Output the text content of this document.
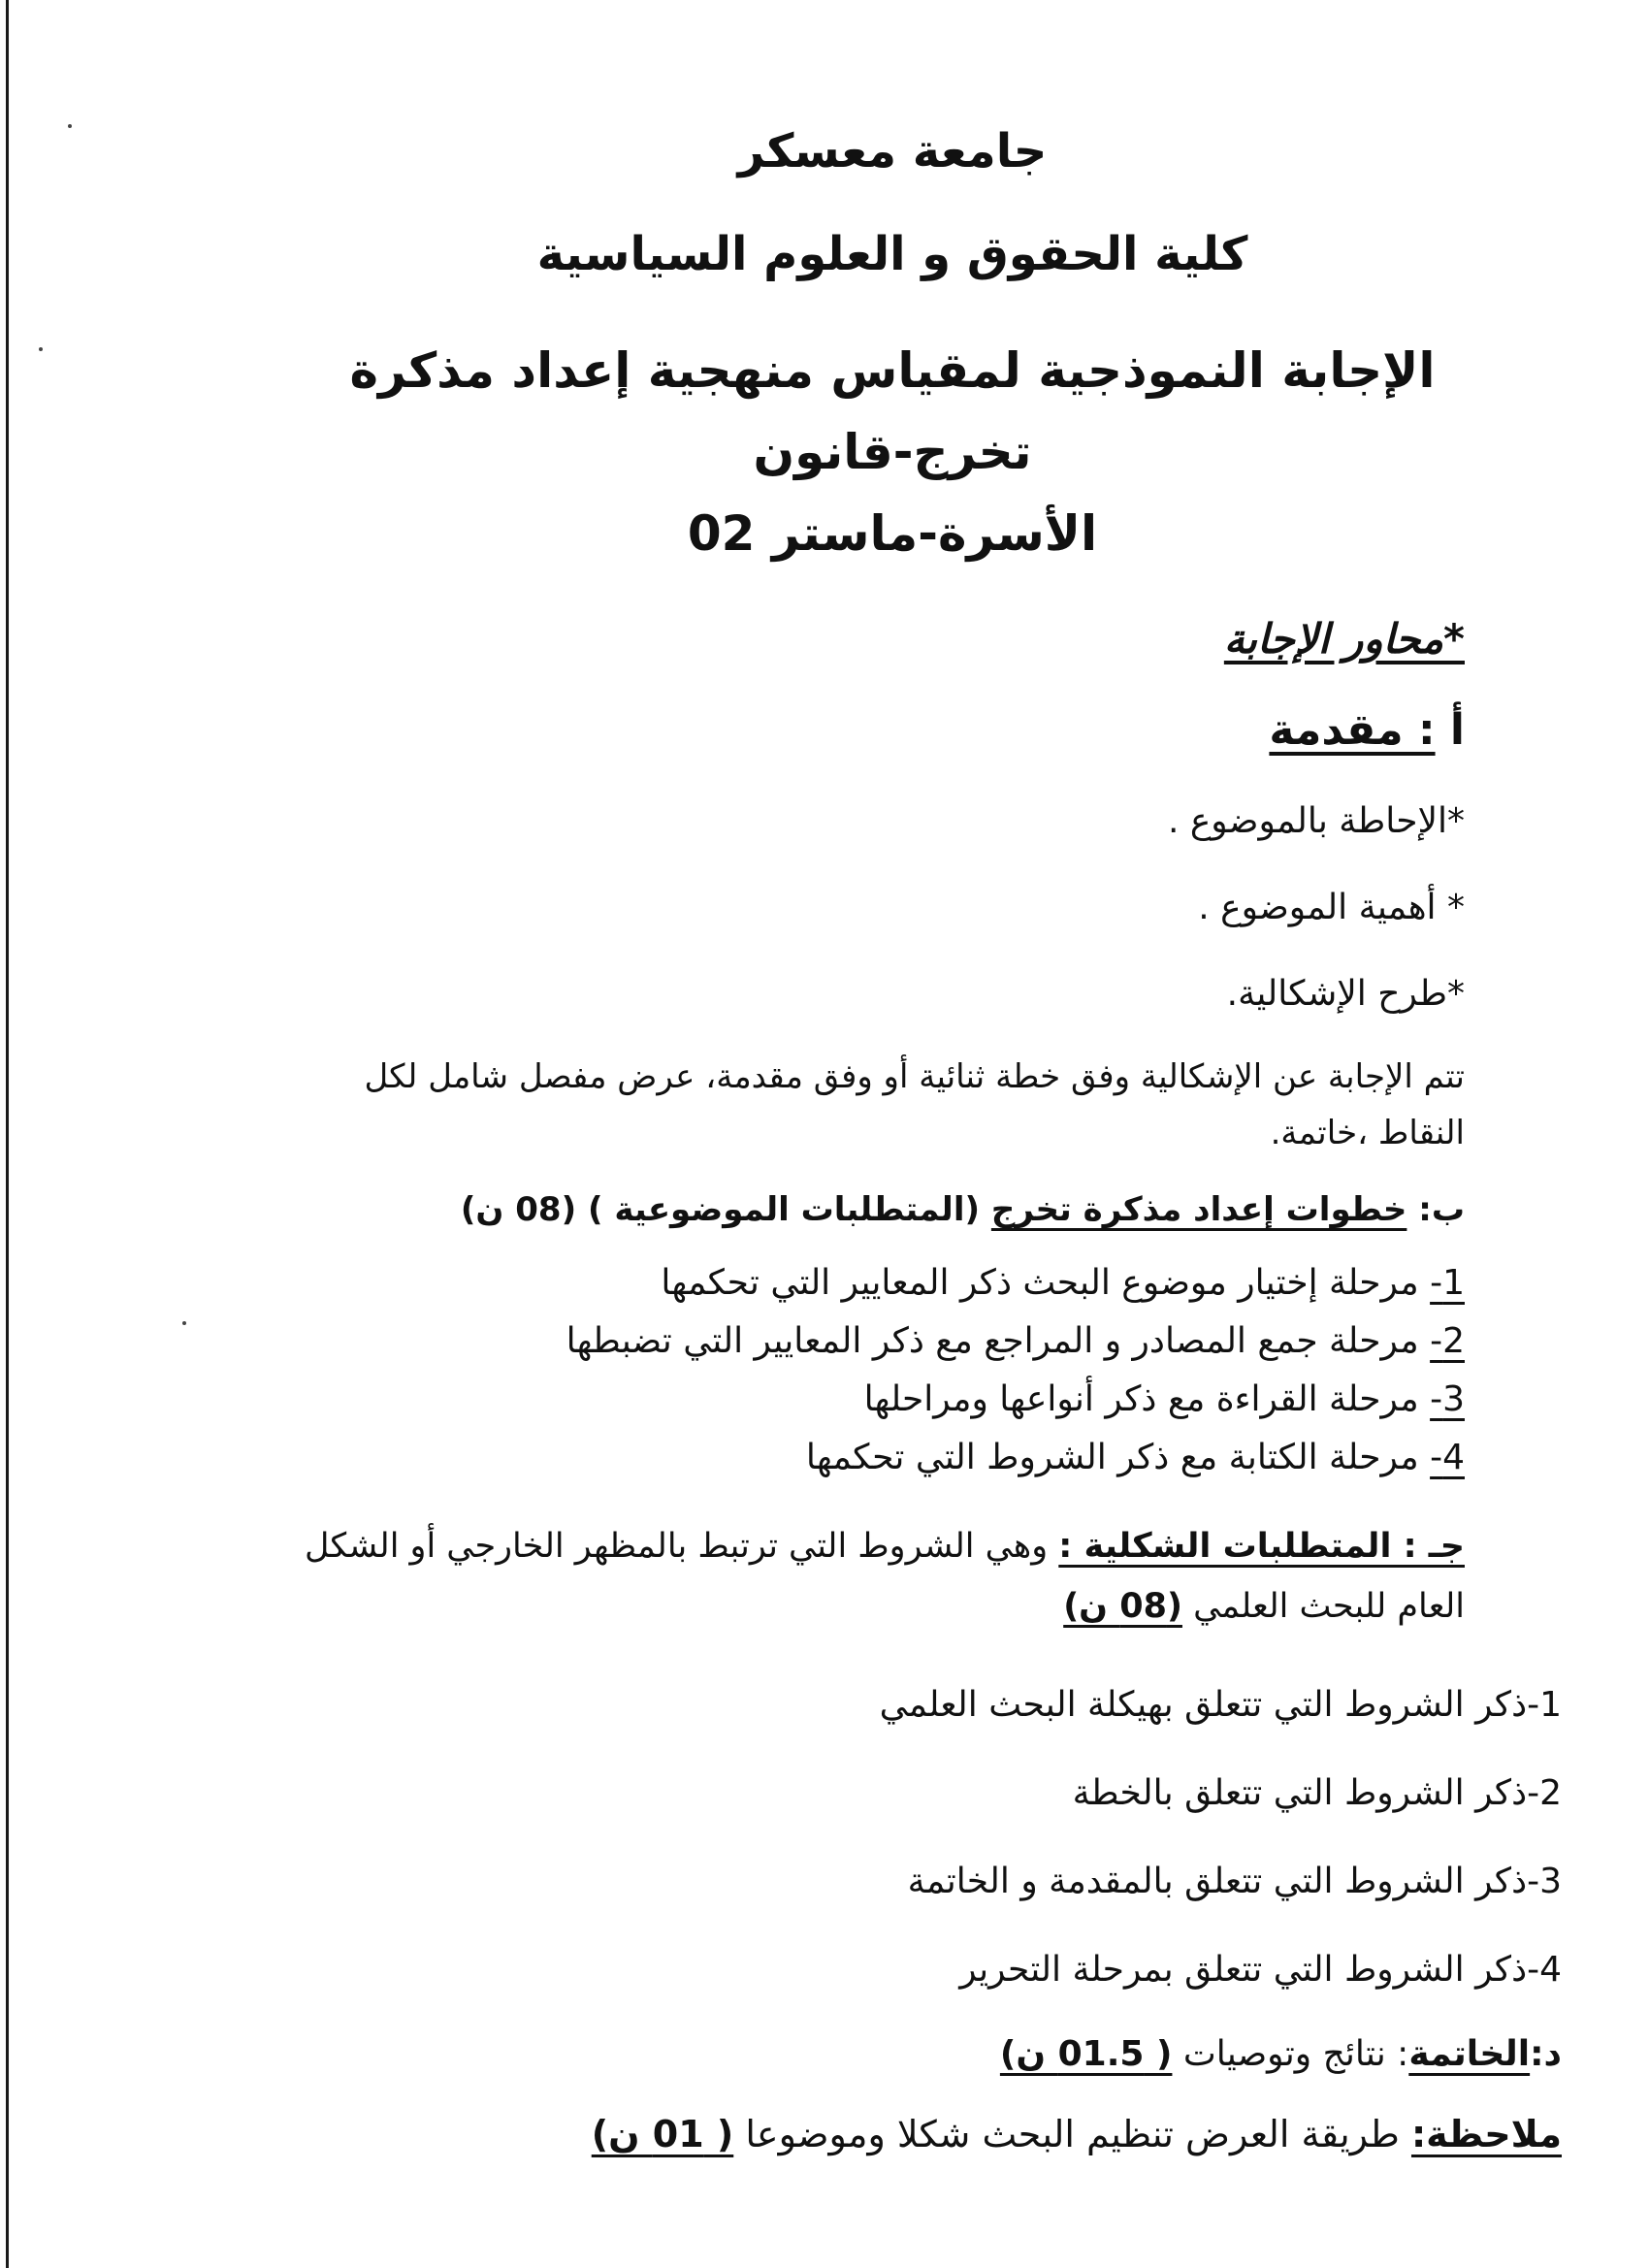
جامعة معسكر
كلية الحقوق و العلوم السياسية
الإجابة النموذجية لمقياس منهجية إعداد مذكرة تخرج-قانون
الأسرة-ماستر 02
*محاور الإجابة
أ : مقدمة
*الإحاطة بالموضوع .
* أهمية الموضوع .
*طرح الإشكالية.
تتم الإجابة عن الإشكالية وفق خطة ثنائية أو وفق مقدمة، عرض مفصل شامل لكل النقاط ،خاتمة.
ب: خطوات إعداد مذكرة تخرج (المتطلبات الموضوعية ) (08 ن)
1- مرحلة إختيار موضوع البحث ذكر المعايير التي تحكمها
2- مرحلة جمع المصادر و المراجع مع ذكر المعايير التي تضبطها
3- مرحلة القراءة مع ذكر أنواعها ومراحلها
4- مرحلة الكتابة مع ذكر الشروط التي تحكمها
جـ : المتطلبات الشكلية : وهي الشروط التي ترتبط بالمظهر الخارجي أو الشكل العام للبحث العلمي (08 ن)
1-ذكر الشروط التي تتعلق بهيكلة البحث العلمي
2-ذكر الشروط التي تتعلق بالخطة
3-ذكر الشروط التي تتعلق بالمقدمة و الخاتمة
4-ذكر الشروط التي تتعلق بمرحلة التحرير
د:الخاتمة: نتائج وتوصيات ( 01.5 ن)
ملاحظة: طريقة العرض تنظيم البحث شكلا وموضوعا ( 01 ن)
